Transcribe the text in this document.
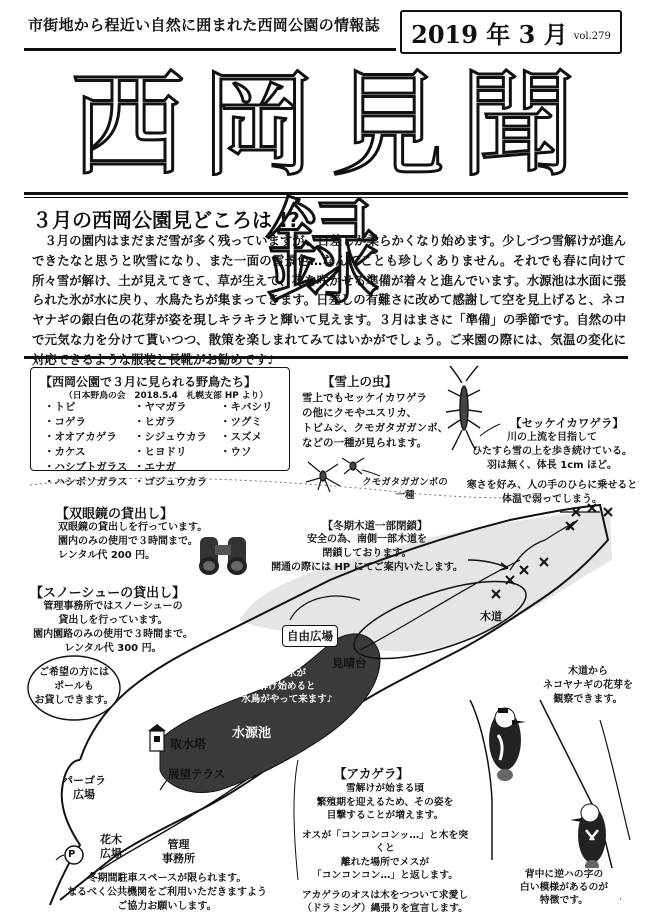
市街地から程近い自然に囲まれた西岡公園の情報誌 2019 年 3 月 vol.279
西岡見聞録
３月の西岡公園見どころは !?
３月の園内はまだまだ雪が多く残っていますが、日差しが柔らかくなり始めます。少しづつ雪解けが進んできたなと思うと吹雪になり、また一面の雪景色…なんてことも珍しくありません。それでも春に向けて所々雪が解け、土が見えてきて、草が生えて、花を咲かせる準備が着々と進んでいます。水源池は水面に張られた氷が水に戻り、水鳥たちが集まってきます。日差しの有難さに改めて感謝して空を見上げると、ネコヤナギの銀白色の花芽が姿を現しキラキラと輝いて見えます。３月はまさに「準備」の季節です。自然の中で元気な力を分けて貰いつつ、散策を楽しまれてみてはいかがでしょう。ご来園の際には、気温の変化に対応できるような服装と長靴がお勧めです♪
【西岡公園で３月に見られる野鳥たち】
（日本野鳥の会　2018.5.4　札幌支部 HP より）
・トビ	・ヤマガラ	・キバシリ
・コゲラ	・ヒガラ	・ツグミ
・オオアカゲラ	・シジュウカラ	・スズメ
・カケス	・ヒヨドリ	・ウソ
・ハシブトガラス ・エナガ
・ハシボソガラス ・ゴジュウカラ
【雪上の虫】
雪上でもセッケイカワゲラ
の他にクモやユスリカ、
トビムシ、クモガタガガンボ、
などの一種が見られます。
クモガタガガンボの
一種
【セッケイカワゲラ】
川の上流を目指して
ひたすら雪の上を歩き続けている。
羽は無く、体長 1cm ほど。
寒さを好み、人の手のひらに乗せると
体温で弱ってしまう。
自由広場
見晴台
水源池
取水塔
展望テラス
パーゴラ
広場
花木
広場
管理
事務所
P
木道
池の氷が
解け始めると
水鳥がやって来ます♪
【双眼鏡の貸出し】
双眼鏡の貸出しを行っています。
園内のみの使用で３時間まで。
レンタル代 200 円。
【スノーシューの貸出し】
管理事務所ではスノーシューの
貸出しを行っています。
園内園路のみの使用で３時間まで。
レンタル代 300 円。
ご希望の方には
ポールも
お貸しできます。
【冬期木道一部閉鎖】
安全の為、南側一部木道を
閉鎖しております。
開通の際には HP にてご案内いたします。
木道から
ネコヤナギの花芽を
観察できます。
【アカゲラ】
雪解けが始まる頃
繁殖期を迎えるため、その姿を
目撃することが増えます。
オスが「コンコンコンッ…」と木を突くと
離れた場所でメスが
「コンコンコン…」と返します。
アカゲラのオスは木をつついて求愛し
（ドラミング）縄張りを宣言します。
背中に逆ハの字の
白い模様があるのが
特徴です。
冬期間駐車スペースが限られます。
なるべく公共機関をご利用いただきますよう
ご協力お願いします。
